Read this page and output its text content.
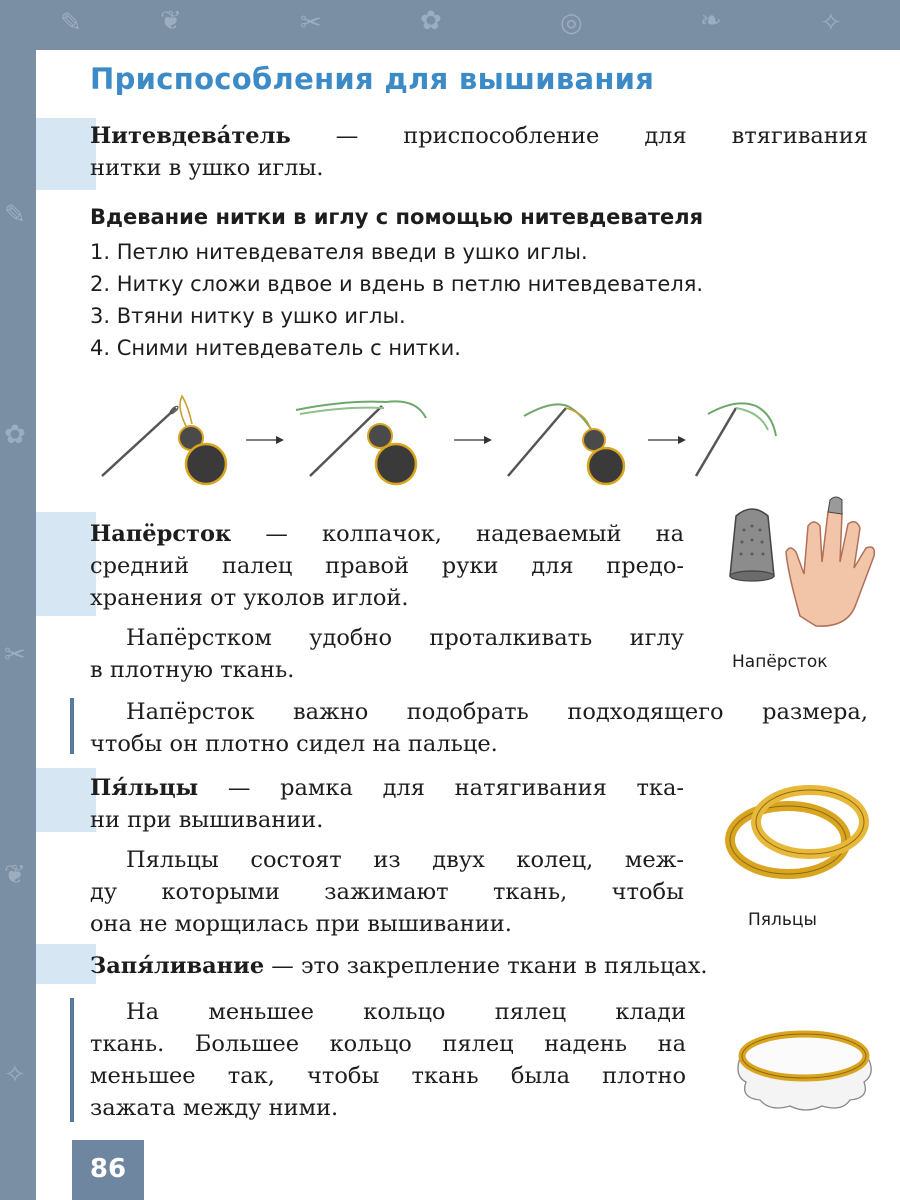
✎	❦	✂	✿	◎	❧	✧
✎
✿
✂
❦
✧
Приспособления для вышивания
Нитевдева́тель — приспособление для втягивания
нитки в ушко иглы.
Вдевание нитки в иглу с помощью нитевдевателя
1. Петлю нитевдевателя введи в ушко иглы.
2. Нитку сложи вдвое и вдень в петлю нитевдевателя.
3. Втяни нитку в ушко иглы.
4. Сними нитевдеватель с нитки.
Напёрсток — колпачок, надеваемый на
средний палец правой руки для предо-
хранения от уколов иглой.
Напёрстком удобно проталкивать иглу
в плотную ткань.
Напёрсток важно подобрать подходящего размера,
чтобы он плотно сидел на пальце.
Напёрсток
Пя́льцы — рамка для натягивания тка-
ни при вышивании.
Пяльцы состоят из двух колец, меж-
ду которыми зажимают ткань, чтобы
она не морщилась при вышивании.	Пяльцы
Запя́ливание — это закрепление ткани в пяльцах.
На меньшее кольцо пялец клади
ткань. Большее кольцо пялец надень на
меньшее так, чтобы ткань была плотно
зажата между ними.
86
